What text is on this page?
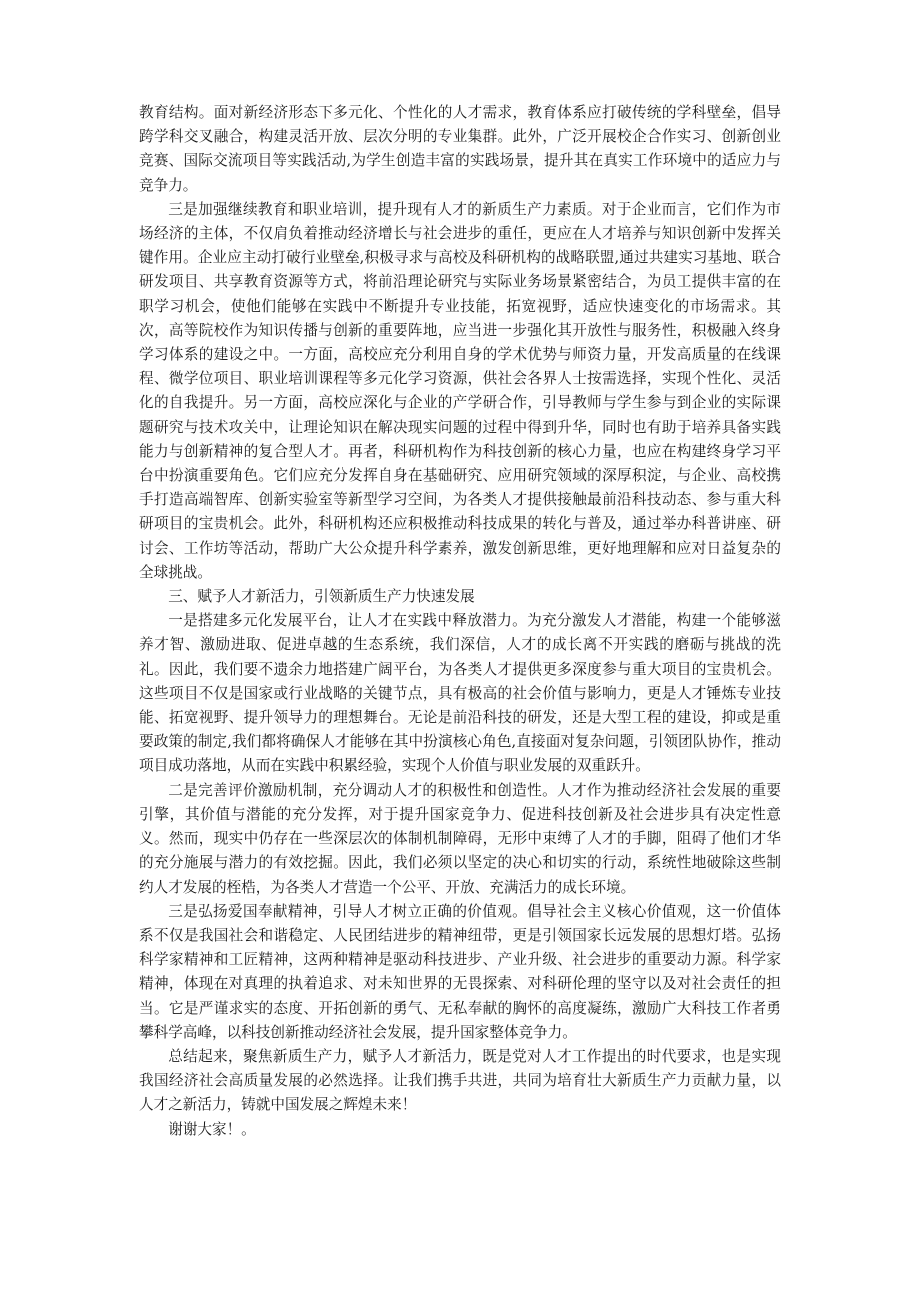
教育结构。面对新经济形态下多元化、个性化的人才需求，教育体系应打破传统的学科壁垒，倡导跨学科交叉融合，构建灵活开放、层次分明的专业集群。此外，广泛开展校企合作实习、创新创业竞赛、国际交流项目等实践活动,为学生创造丰富的实践场景，提升其在真实工作环境中的适应力与竞争力。

三是加强继续教育和职业培训，提升现有人才的新质生产力素质。对于企业而言，它们作为市场经济的主体，不仅肩负着推动经济增长与社会进步的重任，更应在人才培养与知识创新中发挥关键作用。企业应主动打破行业壁垒,积极寻求与高校及科研机构的战略联盟,通过共建实习基地、联合研发项目、共享教育资源等方式，将前沿理论研究与实际业务场景紧密结合，为员工提供丰富的在职学习机会，使他们能够在实践中不断提升专业技能，拓宽视野，适应快速变化的市场需求。其次，高等院校作为知识传播与创新的重要阵地，应当进一步强化其开放性与服务性，积极融入终身学习体系的建设之中。一方面，高校应充分利用自身的学术优势与师资力量，开发高质量的在线课程、微学位项目、职业培训课程等多元化学习资源，供社会各界人士按需选择，实现个性化、灵活化的自我提升。另一方面，高校应深化与企业的产学研合作，引导教师与学生参与到企业的实际课题研究与技术攻关中，让理论知识在解决现实问题的过程中得到升华，同时也有助于培养具备实践能力与创新精神的复合型人才。再者，科研机构作为科技创新的核心力量，也应在构建终身学习平台中扮演重要角色。它们应充分发挥自身在基础研究、应用研究领域的深厚积淀，与企业、高校携手打造高端智库、创新实验室等新型学习空间，为各类人才提供接触最前沿科技动态、参与重大科研项目的宝贵机会。此外，科研机构还应积极推动科技成果的转化与普及，通过举办科普讲座、研讨会、工作坊等活动，帮助广大公众提升科学素养，激发创新思维，更好地理解和应对日益复杂的全球挑战。

三、赋予人才新活力，引领新质生产力快速发展

一是搭建多元化发展平台，让人才在实践中释放潜力。为充分激发人才潜能，构建一个能够滋养才智、激励进取、促进卓越的生态系统，我们深信，人才的成长离不开实践的磨砺与挑战的洗礼。因此，我们要不遗余力地搭建广阔平台，为各类人才提供更多深度参与重大项目的宝贵机会。这些项目不仅是国家或行业战略的关键节点，具有极高的社会价值与影响力，更是人才锤炼专业技能、拓宽视野、提升领导力的理想舞台。无论是前沿科技的研发，还是大型工程的建设，抑或是重要政策的制定,我们都将确保人才能够在其中扮演核心角色,直接面对复杂问题，引领团队协作，推动项目成功落地，从而在实践中积累经验，实现个人价值与职业发展的双重跃升。

二是完善评价激励机制，充分调动人才的积极性和创造性。人才作为推动经济社会发展的重要引擎，其价值与潜能的充分发挥，对于提升国家竞争力、促进科技创新及社会进步具有决定性意义。然而，现实中仍存在一些深层次的体制机制障碍，无形中束缚了人才的手脚，阻碍了他们才华的充分施展与潜力的有效挖掘。因此，我们必须以坚定的决心和切实的行动，系统性地破除这些制约人才发展的桎梏，为各类人才营造一个公平、开放、充满活力的成长环境。

三是弘扬爱国奉献精神，引导人才树立正确的价值观。倡导社会主义核心价值观，这一价值体系不仅是我国社会和谐稳定、人民团结进步的精神纽带，更是引领国家长远发展的思想灯塔。弘扬科学家精神和工匠精神，这两种精神是驱动科技进步、产业升级、社会进步的重要动力源。科学家精神，体现在对真理的执着追求、对未知世界的无畏探索、对科研伦理的坚守以及对社会责任的担当。它是严谨求实的态度、开拓创新的勇气、无私奉献的胸怀的高度凝练，激励广大科技工作者勇攀科学高峰，以科技创新推动经济社会发展，提升国家整体竞争力。

总结起来，聚焦新质生产力，赋予人才新活力，既是党对人才工作提出的时代要求，也是实现我国经济社会高质量发展的必然选择。让我们携手共进，共同为培育壮大新质生产力贡献力量，以人才之新活力，铸就中国发展之辉煌未来！

谢谢大家！。
